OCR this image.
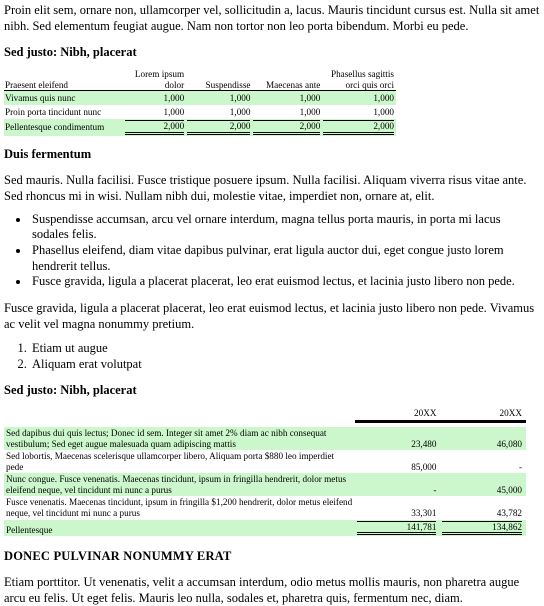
Proin elit sem, ornare non, ullamcorper vel, sollicitudin a, lacus. Mauris tincidunt cursus est. Nulla sit amet nibh. Sed elementum feugiat augue. Nam non tortor non leo porta bibendum. Morbi eu pede.

Sed justo: Nibh, placerat
Praesent eleifend	Lorem ipsum dolor	Suspendisse	Maecenas ante	Phasellus sagittis orci quis orci
Vivamus quis nunc	1,000	1,000	1,000	1,000
Proin porta tincidunt nunc	1,000	1,000	1,000	1,000
Pellentesque condimentum	2,000	2,000	2,000	2,000
Duis fermentum

Sed mauris. Nulla facilisi. Fusce tristique posuere ipsum. Nulla facilisi. Aliquam viverra risus vitae ante. Sed rhoncus mi in wisi. Nullam nibh dui, molestie vitae, imperdiet non, ornare at, elit.

• Suspendisse accumsan, arcu vel ornare interdum, magna tellus porta mauris, in porta mi lacus sodales felis.
• Phasellus eleifend, diam vitae dapibus pulvinar, erat ligula auctor dui, eget congue justo lorem hendrerit tellus.
• Fusce gravida, ligula a placerat placerat, leo erat euismod lectus, et lacinia justo libero non pede.

Fusce gravida, ligula a placerat placerat, leo erat euismod lectus, et lacinia justo libero non pede. Vivamus ac velit vel magna nonummy pretium.

1. Etiam ut augue
2. Aliquam erat volutpat
Sed justo: Nibh, placerat
	20XX	20XX

Sed dapibus dui quis lectus; Donec id sem. Integer sit amet 2% diam ac nibh consequat vestibulum; Sed eget augue malesuada quam adipiscing mattis	23,480	46,080
Sed lobortis, Maecenas scelerisque ullamcorper libero, Aliquam porta $880 leo imperdiet pede	85,000	-
Nunc congue. Fusce venenatis. Maecenas tincidunt, ipsum in fringilla hendrerit, dolor metus eleifend neque, vel tincidunt mi nunc a purus	-	45,000
Fusce venenatis. Maecenas tincidunt, ipsum in fringilla $1,200 hendrerit, dolor metus eleifend neque, vel tincidunt mi nunc a purus	33,301	43,782
Pellentesque	141,781	134,862
DONEC PULVINAR NONUMMY ERAT

Etiam porttitor. Ut venenatis, velit a accumsan interdum, odio metus mollis mauris, non pharetra augue arcu eu felis. Ut eget felis. Mauris leo nulla, sodales et, pharetra quis, fermentum nec, diam.
